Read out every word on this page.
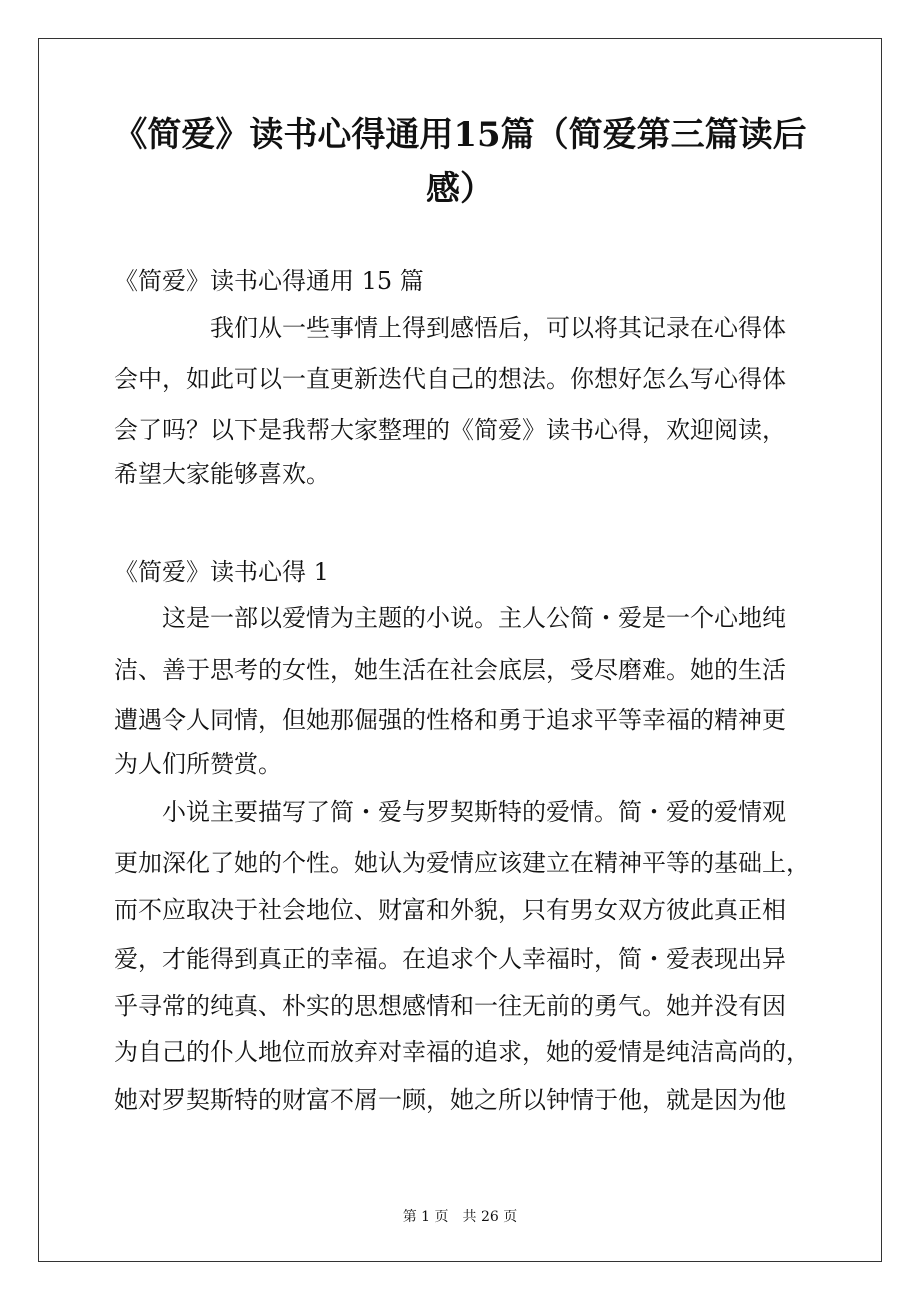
《简爱》读书心得通用15篇（简爱第三篇读后感）
《简爱》读书心得通用 15 篇
我们从一些事情上得到感悟后，可以将其记录在心得体
会中，如此可以一直更新迭代自己的想法。你想好怎么写心得体
会了吗？以下是我帮大家整理的《简爱》读书心得，欢迎阅读，
希望大家能够喜欢。
《简爱》读书心得 1
这是一部以爱情为主题的小说。主人公简・爱是一个心地纯
洁、善于思考的女性，她生活在社会底层，受尽磨难。她的生活
遭遇令人同情，但她那倔强的性格和勇于追求平等幸福的精神更
为人们所赞赏。
小说主要描写了简・爱与罗契斯特的爱情。简・爱的爱情观
更加深化了她的个性。她认为爱情应该建立在精神平等的基础上，
而不应取决于社会地位、财富和外貌，只有男女双方彼此真正相
爱，才能得到真正的幸福。在追求个人幸福时，简・爱表现出异
乎寻常的纯真、朴实的思想感情和一往无前的勇气。她并没有因
为自己的仆人地位而放弃对幸福的追求，她的爱情是纯洁高尚的，
她对罗契斯特的财富不屑一顾，她之所以钟情于他，就是因为他
第 1 页　共 26 页
